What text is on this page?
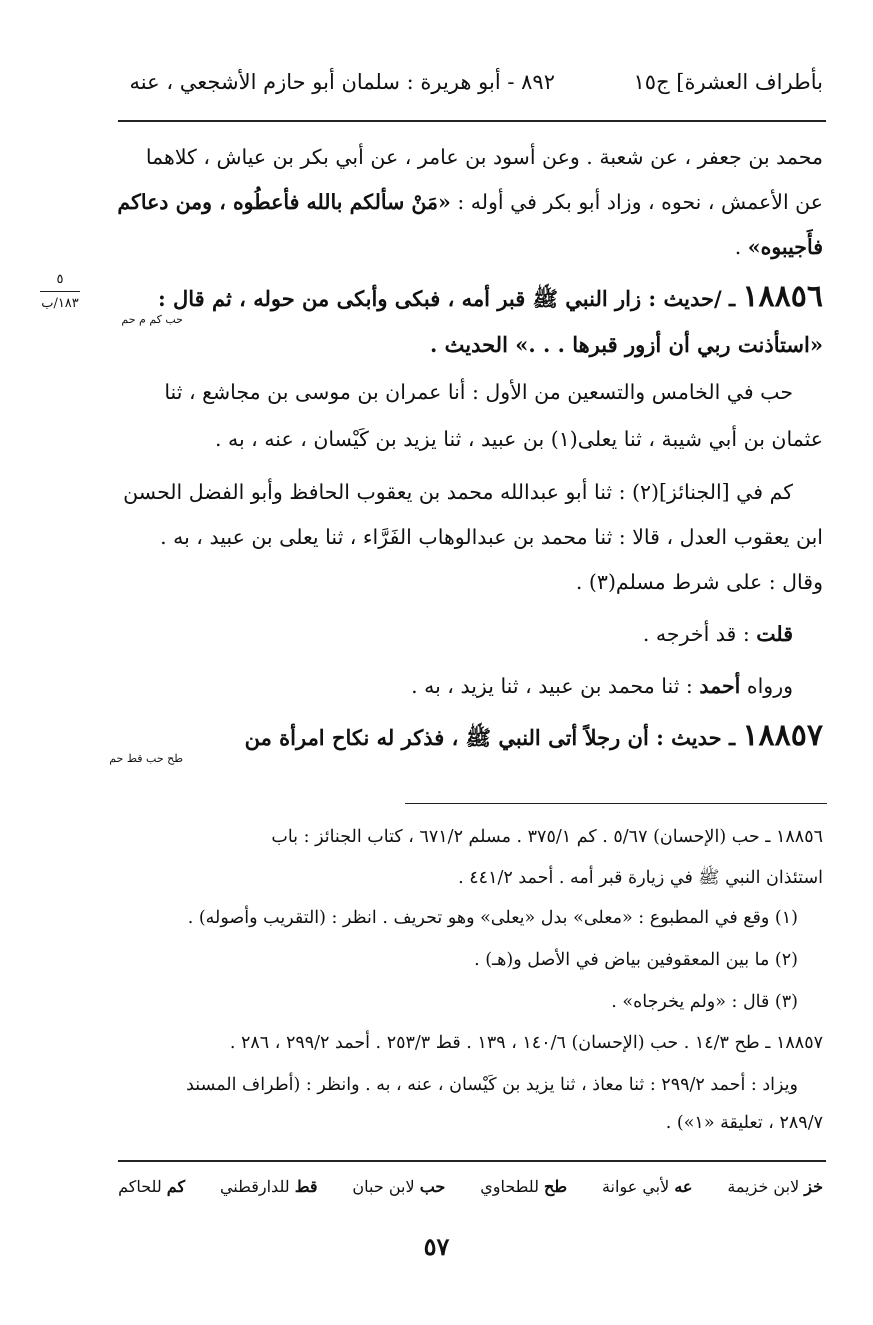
بأطراف العشرة] ج١٥
٨٩٢ - أبو هريرة : سلمان أبو حازم الأشجعي ، عنه
٥
١٨٣/ب
محمد بن جعفر ، عن شعبة . وعن أسود بن عامر ، عن أبي بكر بن عياش ، كلاهما
عن الأعمش ، نحوه ، وزاد أبو بكر في أوله : «مَنْ سألكم بالله فأعطُوه ، ومن دعاكم
فأَجيبوه» .
١٨٨٥٦ ـ /حديث : زار النبي ﷺ قبر أمه ، فبكى وأبكى من حوله ، ثم قال :
حب كم م حم
«استأذنت ربي أن أزور قبرها . . .» الحديث .
حب في الخامس والتسعين من الأول : أنا عمران بن موسى بن مجاشع ، ثنا
عثمان بن أبي شيبة ، ثنا يعلى(١) بن عبيد ، ثنا يزيد بن كَيْسان ، عنه ، به .
كم في [الجنائز](٢) : ثنا أبو عبدالله محمد بن يعقوب الحافظ وأبو الفضل الحسن
ابن يعقوب العدل ، قالا : ثنا محمد بن عبدالوهاب الفَرَّاء ، ثنا يعلى بن عبيد ، به .
وقال : على شرط مسلم(٣) .
قلت : قد أخرجه .
ورواه أحمد : ثنا محمد بن عبيد ، ثنا يزيد ، به .
١٨٨٥٧ ـ حديث : أن رجلاً أتى النبي ﷺ ، فذكر له نكاح امرأة من
طح حب قط حم
١٨٨٥٦ ـ حب (الإحسان) ٥/٦٧ . كم ٣٧٥/١ . مسلم ٦٧١/٢ ، كتاب الجنائز : باب
استئذان النبي ﷺ في زيارة قبر أمه . أحمد ٤٤١/٢ .
(١) وقع في المطبوع : «معلى» بدل «يعلى» وهو تحريف . انظر : (التقريب وأصوله) .
(٢) ما بين المعقوفين بياض في الأصل و(هـ) .
(٣) قال : «ولم يخرجاه» .
١٨٨٥٧ ـ طح ١٤/٣ . حب (الإحسان) ١٤٠/٦ ، ١٣٩ . قط ٢٥٣/٣ . أحمد ٢٩٩/٢ ، ٢٨٦ .
ويزاد : أحمد ٢٩٩/٢ : ثنا معاذ ، ثنا يزيد بن كَيْسان ، عنه ، به . وانظر : (أطراف المسند
٢٨٩/٧ ، تعليقة «١») .
خز لابن خزيمة
عه لأبي عوانة
طح للطحاوي
حب لابن حبان
قط للدارقطني
كم للحاكم
٥٧
